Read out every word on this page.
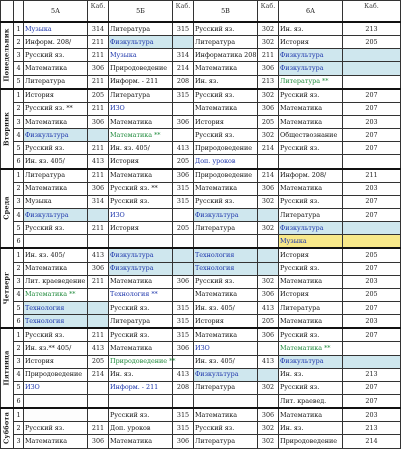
		5А	Каб.	5Б	Каб.	5В	Каб.	6А	Каб.

Понедельник	1	Музыка	314	Литература	315	Русский яз.	302	Ин. яз.	213
	2	Информ. 208/	211	Физкультура		Литература	302	История	205
	3	Русский яз.	211	Музыка	314	Информатика 208	211	Физкультура	
	4	Математика	306	Природоведение	214	Математика	306	Физкультура	
	5	Литература	211	Информ. - 211	208	Ин. яз.	213	Литература **	

Вторник	1	История	205	Литература	315	Русский яз.	302	Русский яз.	207
	2	Русский яз. **	211	ИЗО		Математика	306	Математика	207
	3	Математика	306	Математика	306	История	205	Математика	203
	4	Физкультура		Математика **		Русский яз.	302	Обществознание	207
	5	Русский яз.	211	Ин. яз. 405/	413	Природоведение	214	Русский яз.	207
	6	Ин. яз. 405/	413	История	205	Доп. уроков			

Среда	1	Литература	211	Математика	306	Природоведение	214	Информ. 208/	211
	2	Математика	306	Русский яз. **	315	Математика	306	Математика	203
	3	Музыка	314	Русский яз.	315	Русский яз.	302	Русский яз.	207
	4	Физкультура		ИЗО		Физкультура		Литература	207
	5	Русский яз.	211	История	205	Литература	302	Физкультура	
	6							Музыка	

Четверг	1	Ин. яз. 405/	413	Физкультура		Технология		История	205
	2	Математика	306	Физкультура		Технология		Русский яз.	207
	3	Лит. краеведение	211	Математика	306	Русский яз.	302	Математика	203
	4	Математика **		Технология **		Математика	306	История	205
	5	Технология		Русский яз.	315	Ин. яз. 405/	413	Литература	207
	6	Технология		Литература	315	История	205	Математика	203

Пятница	1	Русский яз.	211	Русский яз.	315	Математика	306	Русский яз.	207
	2	Ин. яз.** 405/	413	Математика	306	ИЗО		Математика **	
	3	История	205	Природоведение **		Ин. яз. 405/	413	Физкультура	
	4	Природоведение	214	Ин. яз.	413	Физкультура		Ин. яз.	213
	5	ИЗО		Информ. - 211	208	Литература	302	Русский яз.	207
	6							Лит. краевед.	207

Суббота	1			Русский яз.	315	Математика	306	Математика	203
	2	Русский яз.	211	Доп. уроков	315	Русский яз.	302	Ин. яз.	213
	3	Математика	306	Математика	306	Литература	302	Природоведение	214
